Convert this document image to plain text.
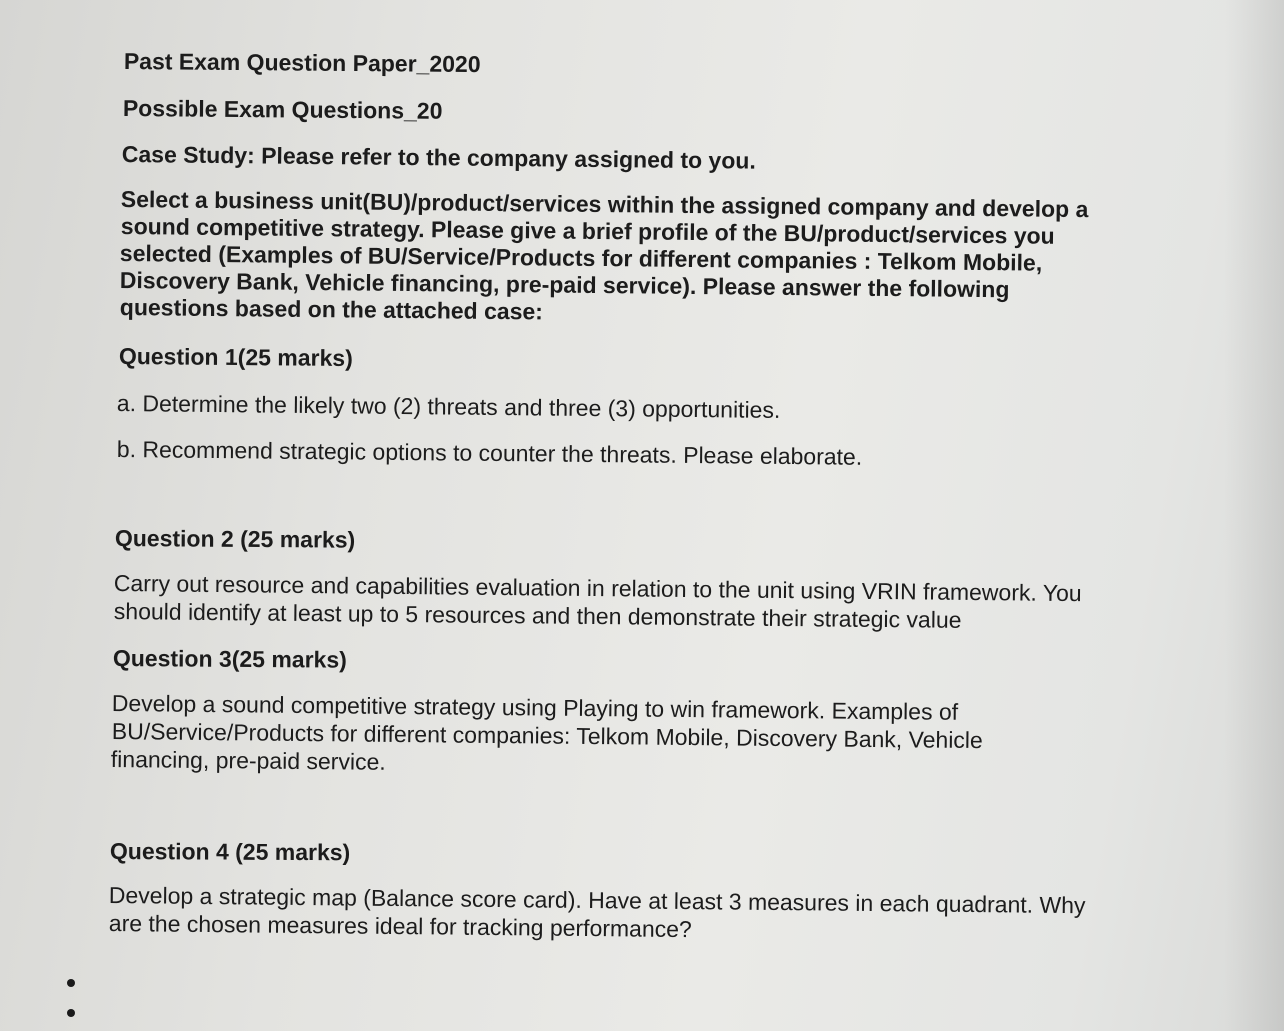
Past Exam Question Paper_2020

Possible Exam Questions_20

Case Study: Please refer to the company assigned to you.

Select a business unit(BU)/product/services within the assigned company and develop a

sound competitive strategy. Please give a brief profile of the BU/product/services you

selected (Examples of BU/Service/Products for different companies : Telkom Mobile,

Discovery Bank, Vehicle financing, pre-paid service). Please answer the following

questions based on the attached case:

Question 1(25 marks)

a. Determine the likely two (2) threats and three (3) opportunities.

b. Recommend strategic options to counter the threats. Please elaborate.

Question 2 (25 marks)

Carry out resource and capabilities evaluation in relation to the unit using VRIN framework. You

should identify at least up to 5 resources and then demonstrate their strategic value

Question 3(25 marks)

Develop a sound competitive strategy using Playing to win framework. Examples of

BU/Service/Products for different companies: Telkom Mobile, Discovery Bank, Vehicle

financing, pre-paid service.

Question 4 (25 marks)

Develop a strategic map (Balance score card). Have at least 3 measures in each quadrant. Why

are the chosen measures ideal for tracking performance?
